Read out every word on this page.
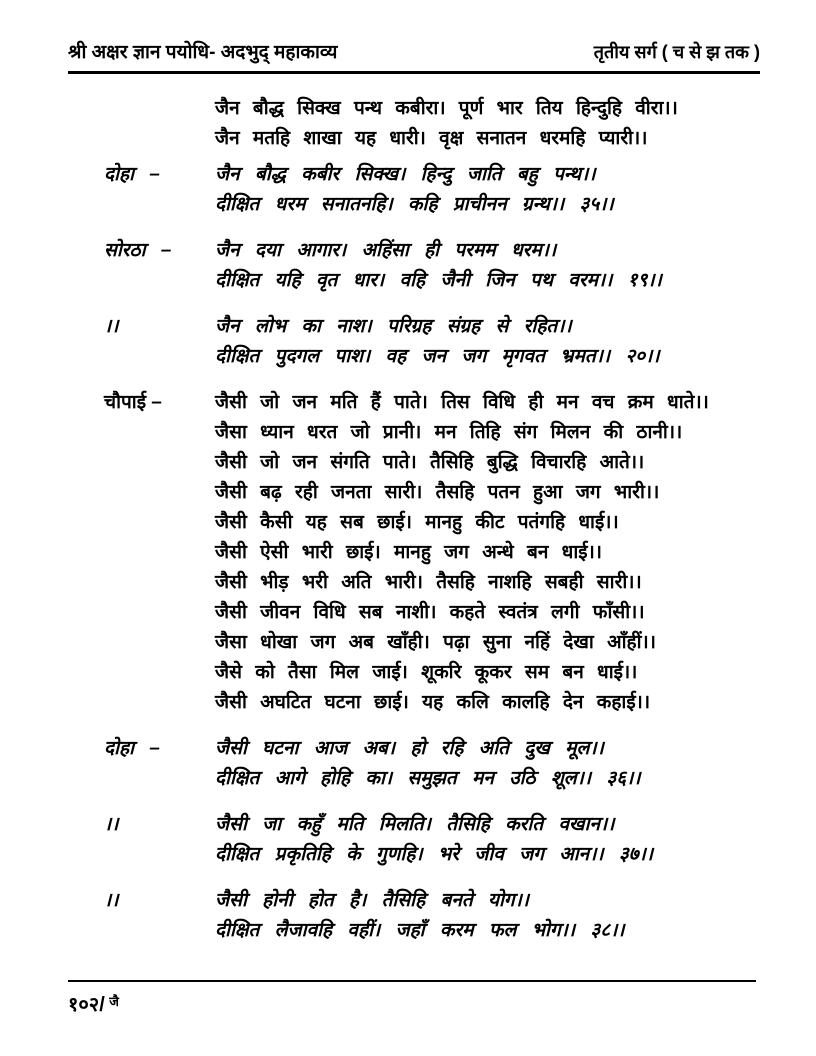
श्री अक्षर ज्ञान पयोधि- अदभुद् महाकाव्य	तृतीय सर्ग ( च से झ तक )
जैन बौद्ध सिक्ख पन्थ कबीरा। पूर्ण भार तिय हिन्दुहि वीरा।।
जैन मतहि शाखा यह धारी। वृक्ष सनातन धरमहि प्यारी।।
दोहा –	जैन बौद्ध कबीर सिक्ख। हिन्दु जाति बहु पन्थ।।
दीक्षित धरम सनातनहि। कहि प्राचीनन ग्रन्थ।। ३५।।
सोरठा –	जैन दया आगार। अहिंसा ही परमम धरम।।
दीक्षित यहि वृत धार। वहि जैनी जिन पथ वरम।। १९।।
।।	जैन लोभ का नाश। परिग्रह संग्रह से रहित।।
दीक्षित पुदगल पाश। वह जन जग मृगवत भ्रमत।। २०।।
चौपाई –	जैसी जो जन मति हैं पाते। तिस विधि ही मन वच क्रम धाते।।
जैसा ध्यान धरत जो प्रानी। मन तिहि संग मिलन की ठानी।।
जैसी जो जन संगति पाते। तैसिहि बुद्धि विचारहि आते।।
जैसी बढ़ रही जनता सारी। तैसहि पतन हुआ जग भारी।।
जैसी कैसी यह सब छाई। मानहु कीट पतंगहि धाई।।
जैसी ऐसी भारी छाई। मानहु जग अन्धे बन धाई।।
जैसी भीड़ भरी अति भारी। तैसहि नाशहि सबही सारी।।
जैसी जीवन विधि सब नाशी। कहते स्वतंत्र लगी फाँसी।।
जैसा धोखा जग अब खाँही। पढ़ा सुना नहिं देखा आँहीं।।
जैसे को तैसा मिल जाई। शूकरि कूकर सम बन धाई।।
जैसी अघटित घटना छाई। यह कलि कालहि देन कहाई।।
दोहा –	जैसी घटना आज अब। हो रहि अति दुख मूल।।
दीक्षित आगे होहि का। समुझत मन उठि शूल।। ३६।।
।।	जैसी जा कहुँ मति मिलति। तैसिहि करति वखान।।
दीक्षित प्रकृतिहि के गुणहि। भरे जीव जग आन।। ३७।।
।।	जैसी होनी होत है। तैसिहि बनते योग।।
दीक्षित लैजावहि वहीं। जहाँ करम फल भोग।। ३८।।
१०२/ $^{जै}$
